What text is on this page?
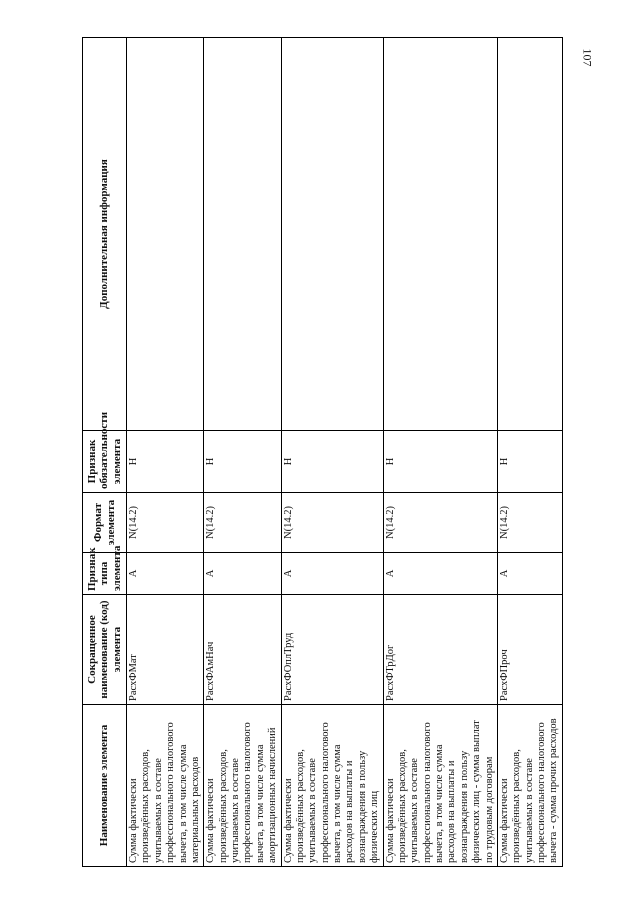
107
Наименование элемента	Сокращенное наименование (код) элемента	Признак типа элемента	Формат элемента	Признак обязательности элемента	Дополнительная информация
Сумма фактически произведённых расходов, учитываемых в составе профессионального налогового вычета, в том числе сумма материальных расходов	РасхФМат	А	N(14.2)	Н	
Сумма фактически произведённых расходов, учитываемых в составе профессионального налогового вычета, в том числе сумма амортизационных начислений	РасхФАмНач	А	N(14.2)	Н	
Сумма фактически произведённых расходов, учитываемых в составе профессионального налогового вычета, в том числе сумма расходов на выплаты и вознаграждения в пользу физических лиц	РасхФОплТруд	А	N(14.2)	Н	
Сумма фактически произведённых расходов, учитываемых в составе профессионального налогового вычета, в том числе сумма расходов на выплаты и вознаграждения в пользу физических лиц - сумма выплат по трудовым договорам	РасхФТрДог	А	N(14.2)	Н	
Сумма фактически произведённых расходов, учитываемых в составе профессионального налогового вычета - сумма прочих расходов	РасхФПроч	А	N(14.2)	Н	
